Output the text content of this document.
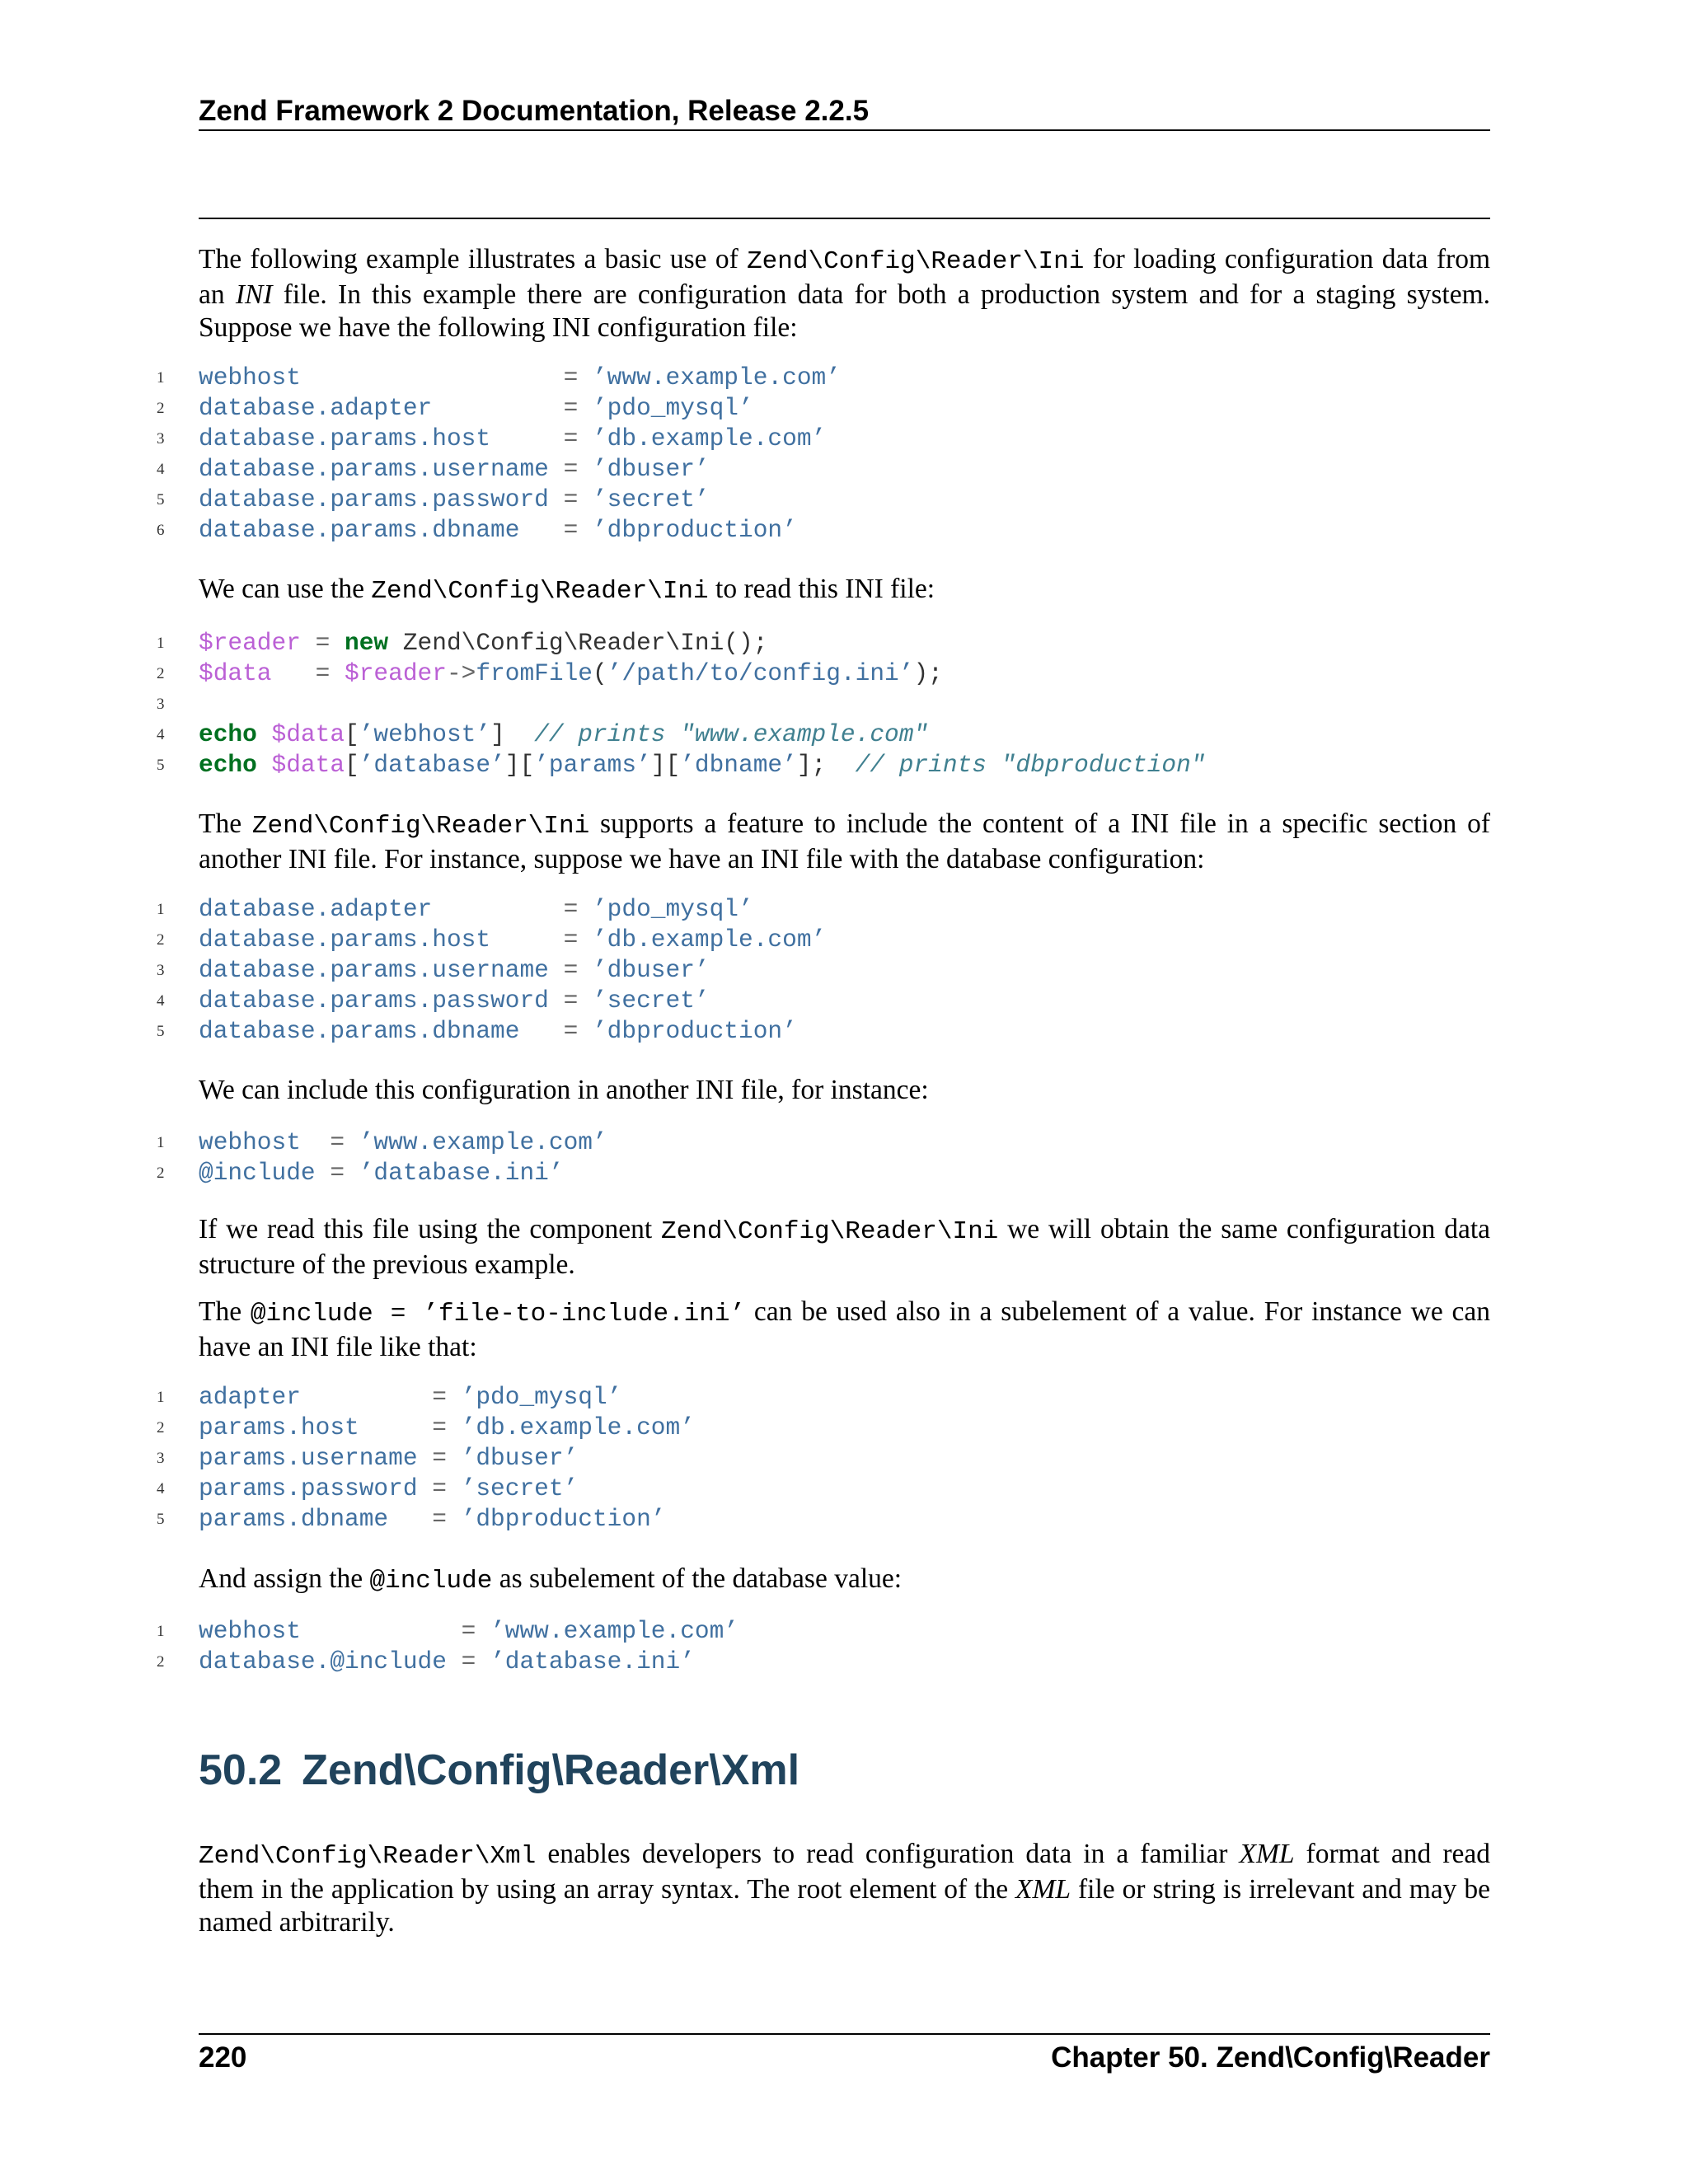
Zend Framework 2 Documentation, Release 2.2.5
The following example illustrates a basic use of Zend\Config\Reader\Ini for loading configuration data from an INI file. In this example there are configuration data for both a production system and for a staging system. Suppose we have the following INI configuration file:
1	webhost                  = ’www.example.com’
2	database.adapter         = ’pdo_mysql’
3	database.params.host     = ’db.example.com’
4	database.params.username = ’dbuser’
5	database.params.password = ’secret’
6	database.params.dbname   = ’dbproduction’
We can use the Zend\Config\Reader\Ini to read this INI file:
1	$reader = new Zend\Config\Reader\Ini();
2	$data   = $reader->fromFile(’/path/to/config.ini’);
3
4	echo $data[’webhost’]  // prints "www.example.com"
5	echo $data[’database’][’params’][’dbname’];  // prints "dbproduction"
The Zend\Config\Reader\Ini supports a feature to include the content of a INI file in a specific section of another INI file. For instance, suppose we have an INI file with the database configuration:
1	database.adapter         = ’pdo_mysql’
2	database.params.host     = ’db.example.com’
3	database.params.username = ’dbuser’
4	database.params.password = ’secret’
5	database.params.dbname   = ’dbproduction’
We can include this configuration in another INI file, for instance:
1	webhost  = ’www.example.com’
2	@include = ’database.ini’
If we read this file using the component Zend\Config\Reader\Ini we will obtain the same configuration data structure of the previous example.
The @include = ’file-to-include.ini’ can be used also in a subelement of a value. For instance we can have an INI file like that:
1	adapter         = ’pdo_mysql’
2	params.host     = ’db.example.com’
3	params.username = ’dbuser’
4	params.password = ’secret’
5	params.dbname   = ’dbproduction’
And assign the @include as subelement of the database value:
1	webhost           = ’www.example.com’
2	database.@include = ’database.ini’
50.2 Zend\Config\Reader\Xml
Zend\Config\Reader\Xml enables developers to read configuration data in a familiar XML format and read them in the application by using an array syntax. The root element of the XML file or string is irrelevant and may be named arbitrarily.
220	Chapter 50. Zend\Config\Reader
